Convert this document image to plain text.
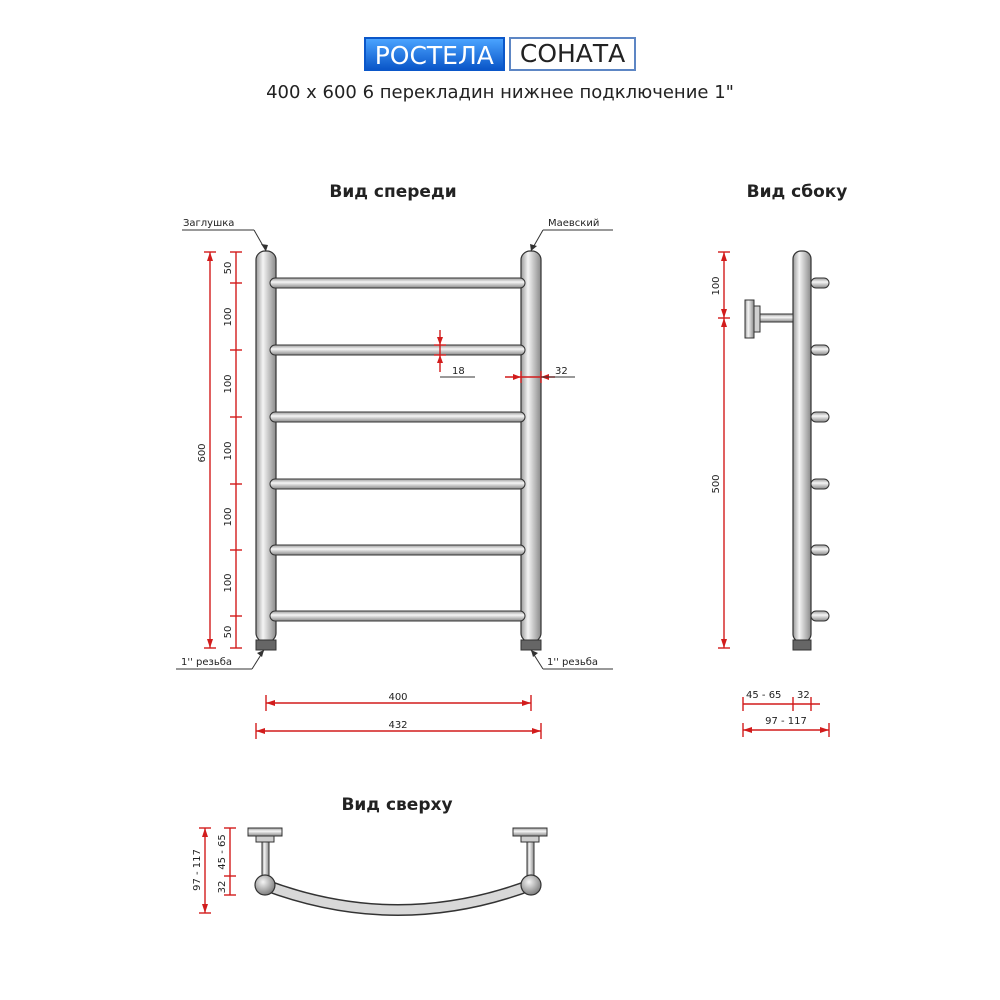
РОСТЕЛА	СОНАТА
400 х 600 6 перекладин нижнее подключение 1"
Вид спереди
Заглушка	Маевский
1'' резьба	1'' резьба
600
50
100
100
100
100
100
50
18	32
400
432
Вид сбоку
100
500
45 - 65 32
97 - 117
Вид сверху
97 - 117 32
45 - 65
